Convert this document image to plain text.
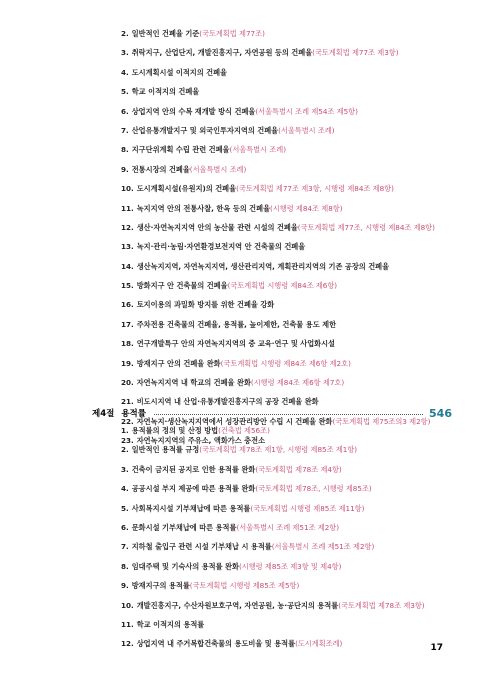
2. 일반적인 건폐율 기준(국토계획법 제77조)
3. 취락지구, 산업단지, 개발진흥지구, 자연공원 등의 건폐율(국토계획법 제77조 제3항)
4. 도시계획시설 이적지의 건폐율
5. 학교 이적지의 건폐율
6. 상업지역 안의 수복 재개발 방식 건폐율(서울특별시 조례 제54조 제5항)
7. 산업유통개발지구 및 외국인투자지역의 건폐율(서울특별시 조례)
8. 지구단위계획 수립 관련 건폐율(서울특별시 조례)
9. 전통시장의 건폐율(서울특별시 조례)
10. 도시계획시설(유원지)의 건폐율(국토계획법 제77조 제3항, 시행령 제84조 제8항)
11. 녹지지역 안의 전통사찰, 한옥 등의 건폐율(시행령 제84조 제8항)
12. 생산·자연녹지지역 안의 농산물 관련 시설의 건폐율(국토계획법 제77조, 시행령 제84조 제8항)
13. 녹지·관리·농림·자연환경보전지역 안 건축물의 건폐율
14. 생산녹지지역, 자연녹지지역, 생산관리지역, 계획관리지역의 기존 공장의 건폐율
15. 방화지구 안 건축물의 건폐율(국토계획법 시행령 제84조 제6항)
16. 토지이용의 과밀화 방지를 위한 건폐율 강화
17. 주차전용 건축물의 건폐율, 용적률, 높이제한, 건축물 용도 제한
18. 연구개발특구 안의 자연녹지지역의 중 교육·연구 및 사업화시설
19. 방재지구 안의 건폐율 완화(국토계획법 시행령 제84조 제6항 제2호)
20. 자연녹지지역 내 학교의 건폐율 완화(시행령 제84조 제6항 제7호)
21. 비도시지역 내 산업·유통개발진흥지구의 공장 건폐율 완화
22. 자연녹지·생산녹지지역에서 성장관리방안 수립 시 건폐율 완화(국토계획법 제75조의3 제2항)
23. 자연녹지지역의 주유소, 액화가스 충전소
제4절 용적률	546
1. 용적률의 정의 및 산정 방법(건축법 제56조)
2. 일반적인 용적률 규정(국토계획법 제78조 제1항, 시행령 제85조 제1항)
3. 건축이 금지된 공지로 인한 용적률 완화(국토계획법 제78조 제4항)
4. 공공시설 부지 제공에 따른 용적률 완화(국토계획법 제78조, 시행령 제85조)
5. 사회복지시설 기부채납에 따른 용적률(국토계획법 시행령 제85조 제11항)
6. 문화시설 기부채납에 따른 용적률(서울특별시 조례 제51조 제2항)
7. 지하철 출입구 관련 시설 기부채납 시 용적률(서울특별시 조례 제51조 제2항)
8. 임대주택 및 기숙사의 용적률 완화(시행령 제85조 제3항 및 제4항)
9. 방재지구의 용적률(국토계획법 시행령 제85조 제5항)
10. 개발진흥지구, 수산자원보호구역, 자연공원, 농·공단지의 용적률(국토계획법 제78조 제3항)
11. 학교 이적지의 용적률
12. 상업지역 내 주거복합건축물의 용도비율 및 용적률(도시계획조례)	17
